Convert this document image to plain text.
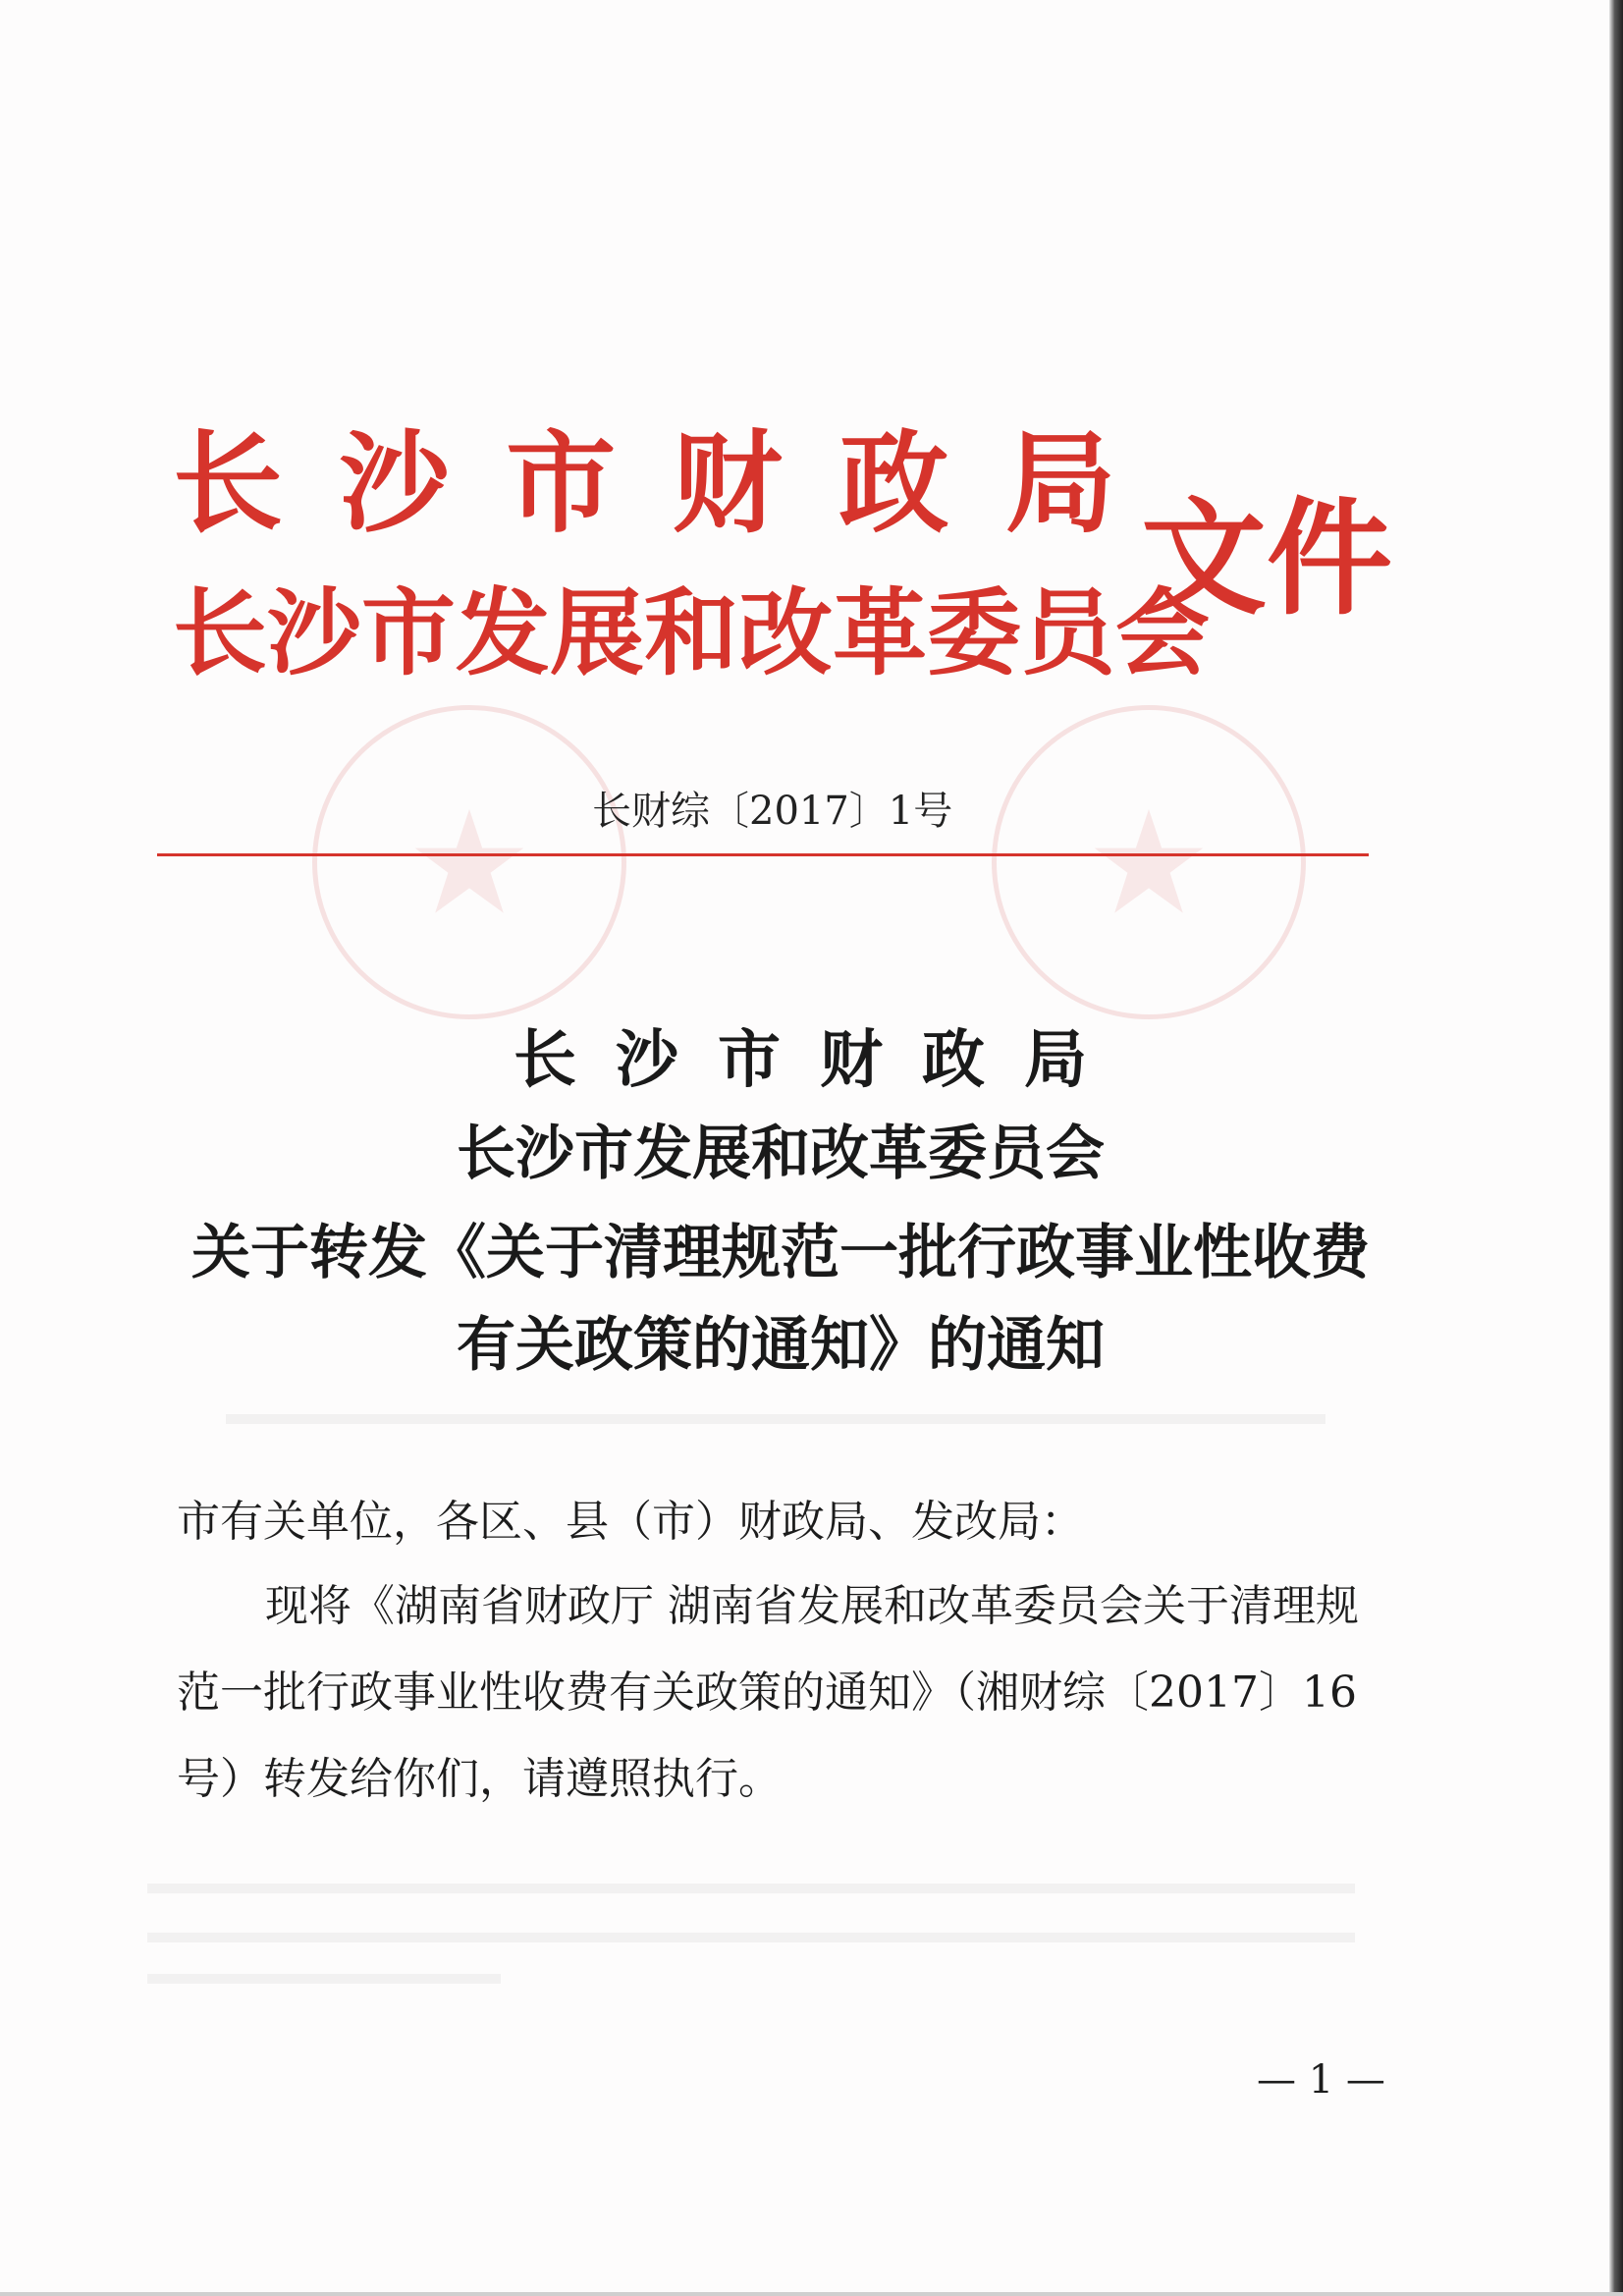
长 沙 市 财 政 局
长沙市发展和改革委员会
文件
长财综〔2017〕1号
长沙市财政局
长沙市发展和改革委员会
关于转发《关于清理规范一批行政事业性收费
有关政策的通知》的通知
市有关单位，各区、县（市）财政局、发改局：
现将《湖南省财政厅 湖南省发展和改革委员会关于清理规
范一批行政事业性收费有关政策的通知》（湘财综〔2017〕16
号）转发给你们，请遵照执行。
— 1 —
